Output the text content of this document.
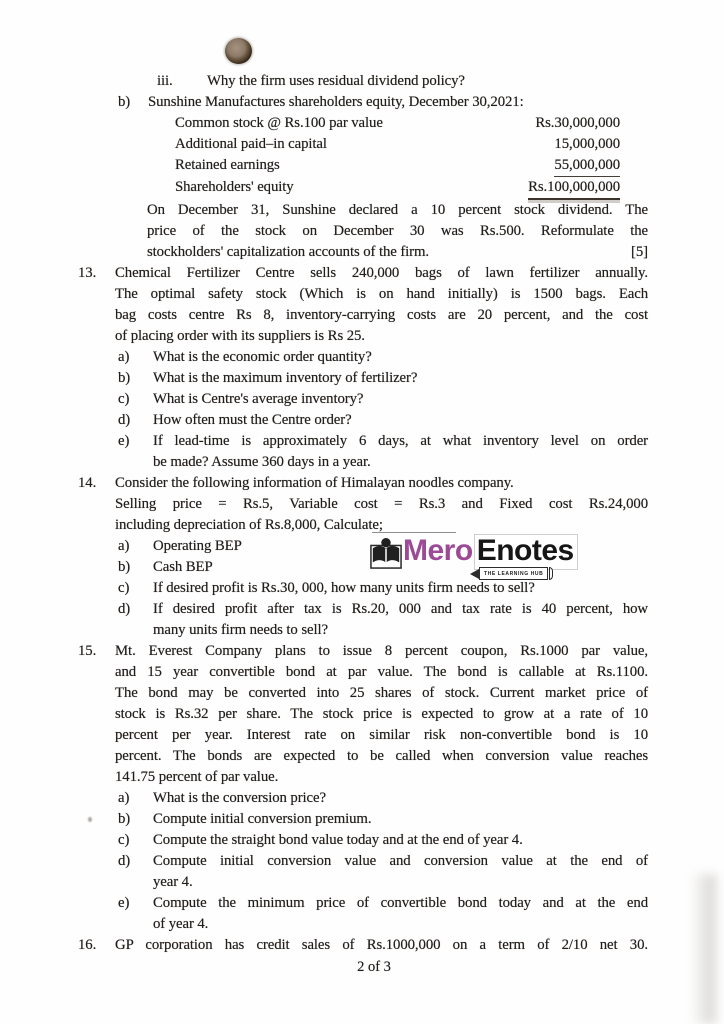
iii.	Why the firm uses residual dividend policy?
b)	Sunshine Manufactures shareholders equity, December 30,2021:
Common stock @ Rs.100 par value	Rs.30,000,000
Additional paid–in capital	15,000,000
Retained earnings	55,000,000
Shareholders' equity	Rs.100,000,000
On December 31, Sunshine declared a 10 percent stock dividend. The
price of the stock on December 30 was Rs.500. Reformulate the
stockholders' capitalization accounts of the firm.	[5]
13.	Chemical Fertilizer Centre sells 240,000 bags of lawn fertilizer annually.
The optimal safety stock (Which is on hand initially) is 1500 bags. Each
bag costs centre Rs 8, inventory-carrying costs are 20 percent, and the cost
of placing order with its suppliers is Rs 25.
a)	What is the economic order quantity?
b)	What is the maximum inventory of fertilizer?
c)	What is Centre's average inventory?
d)	How often must the Centre order?
e)	If lead-time is approximately 6 days, at what inventory level on order
be made? Assume 360 days in a year.
14.	Consider the following information of Himalayan noodles company.
Selling price = Rs.5, Variable cost = Rs.3 and Fixed cost Rs.24,000
including depreciation of Rs.8,000, Calculate;
a)	Operating BEP
b)	Cash BEP
c)	If desired profit is Rs.30, 000, how many units firm needs to sell?
d)	If desired profit after tax is Rs.20, 000 and tax rate is 40 percent, how
many units firm needs to sell?
15.	Mt. Everest Company plans to issue 8 percent coupon, Rs.1000 par value,
and 15 year convertible bond at par value. The bond is callable at Rs.1100.
The bond may be converted into 25 shares of stock. Current market price of
stock is Rs.32 per share. The stock price is expected to grow at a rate of 10
percent per year. Interest rate on similar risk non-convertible bond is 10
percent. The bonds are expected to be called when conversion value reaches
141.75 percent of par value.
a)	What is the conversion price?
b)	Compute initial conversion premium.
c)	Compute the straight bond value today and at the end of year 4.
d)	Compute initial conversion value and conversion value at the end of
year 4.
e)	Compute the minimum price of convertible bond today and at the end
of year 4.
16.	GP corporation has credit sales of Rs.1000,000 on a term of 2/10 net 30.
Mero Enotes
THE LEARNING HUB
2 of 3
